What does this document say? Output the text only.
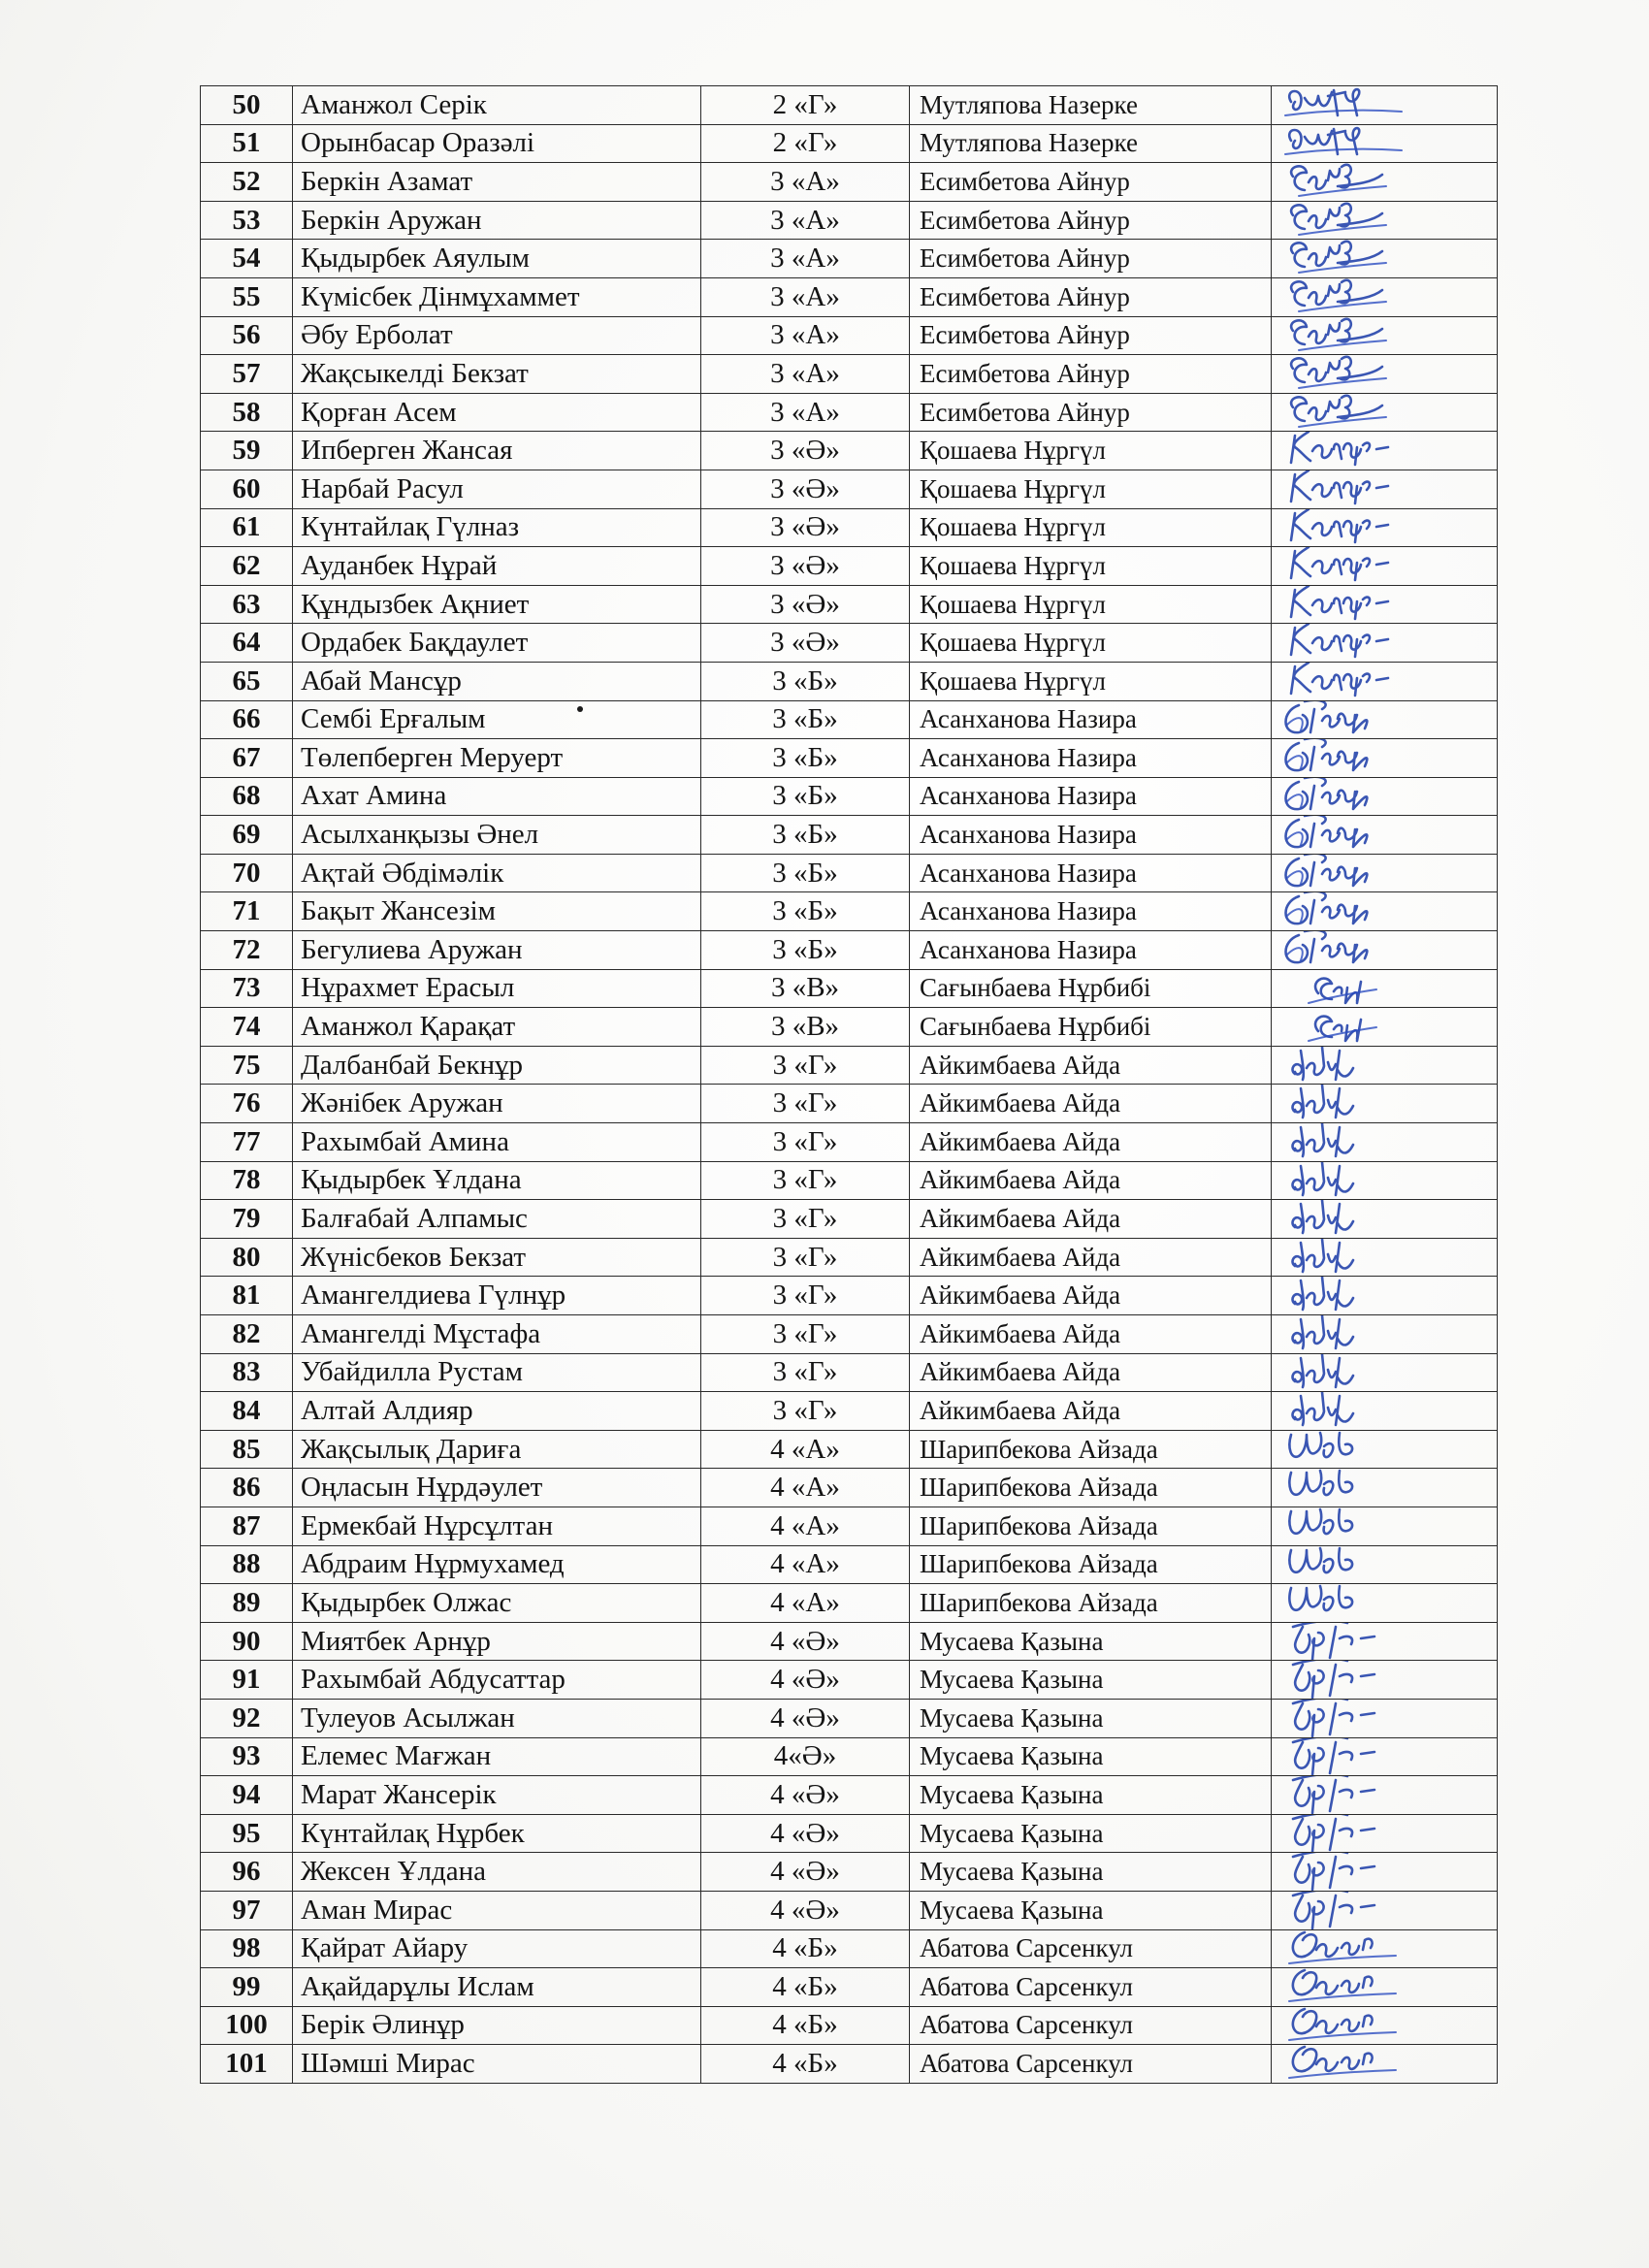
50	Аманжол Серік	2 «Г»	Мутляпова Назерке	

51	Орынбасар Оразәлі	2 «Г»	Мутляпова Назерке	

52	Беркін Азамат	3 «А»	Есимбетова Айнур	

53	Беркін Аружан	3 «А»	Есимбетова Айнур	

54	Қыдырбек Аяулым	3 «А»	Есимбетова Айнур	

55	Күмісбек Дінмұхаммет	3 «А»	Есимбетова Айнур	

56	Әбу Ерболат	3 «А»	Есимбетова Айнур	

57	Жақсыкелді Бекзат	3 «А»	Есимбетова Айнур	

58	Қорған Асем	3 «А»	Есимбетова Айнур	

59	Ипберген Жансая	3 «Ә»	Қошаева Нұргүл	

60	Нарбай Расул	3 «Ә»	Қошаева Нұргүл	

61	Күнтайлақ Гүлназ	3 «Ә»	Қошаева Нұргүл	

62	Ауданбек Нұрай	3 «Ә»	Қошаева Нұргүл	

63	Құндызбек Ақниет	3 «Ә»	Қошаева Нұргүл	

64	Ордабек Бақдаулет	3 «Ә»	Қошаева Нұргүл	

65	Абай Мансұр	3 «Б»	Қошаева Нұргүл	

66	Сембі Ерғалым	3 «Б»	Асанханова Назира	

67	Төлепберген Меруерт	3 «Б»	Асанханова Назира	

68	Ахат Амина	3 «Б»	Асанханова Назира	

69	Асылханқызы Әнел	3 «Б»	Асанханова Назира	

70	Ақтай Әбдімәлік	3 «Б»	Асанханова Назира	

71	Бақыт Жансезім	3 «Б»	Асанханова Назира	

72	Бегулиева Аружан	3 «Б»	Асанханова Назира	

73	Нұрахмет Ерасыл	3 «В»	Сағынбаева Нұрбибі	

74	Аманжол Қарақат	3 «В»	Сағынбаева Нұрбибі	

75	Далбанбай Бекнұр	3 «Г»	Айкимбаева Айда	

76	Жәнібек Аружан	3 «Г»	Айкимбаева Айда	

77	Рахымбай Амина	3 «Г»	Айкимбаева Айда	

78	Қыдырбек Ұлдана	3 «Г»	Айкимбаева Айда	

79	Балғабай Алпамыс	3 «Г»	Айкимбаева Айда	

80	Жүнісбеков Бекзат	3 «Г»	Айкимбаева Айда	

81	Амангелдиева Гүлнұр	3 «Г»	Айкимбаева Айда	

82	Амангелді Мұстафа	3 «Г»	Айкимбаева Айда	

83	Убайдилла Рустам	3 «Г»	Айкимбаева Айда	

84	Алтай Алдияр	3 «Г»	Айкимбаева Айда	

85	Жақсылық Дариға	4 «А»	Шарипбекова Айзада	

86	Оңласын Нұрдәулет	4 «А»	Шарипбекова Айзада	

87	Ермекбай Нұрсұлтан	4 «А»	Шарипбекова Айзада	

88	Абдраим Нұрмухамед	4 «А»	Шарипбекова Айзада	

89	Қыдырбек Олжас	4 «А»	Шарипбекова Айзада	

90	Миятбек Арнұр	4 «Ә»	Мусаева Қазына	

91	Рахымбай Абдусаттар	4 «Ә»	Мусаева Қазына	

92	Тулеуов Асылжан	4 «Ә»	Мусаева Қазына	

93	Елемес Мағжан	4«Ә»	Мусаева Қазына	

94	Марат Жансерік	4 «Ә»	Мусаева Қазына	

95	Күнтайлақ Нұрбек	4 «Ә»	Мусаева Қазына	

96	Жексен Ұлдана	4 «Ә»	Мусаева Қазына	

97	Аман Мирас	4 «Ә»	Мусаева Қазына	

98	Қайрат Айару	4 «Б»	Абатова Сарсенкул	

99	Ақайдарұлы Ислам	4 «Б»	Абатова Сарсенкул	

100	Берік Әлинұр	4 «Б»	Абатова Сарсенкул	

101	Шәмші Мирас	4 «Б»	Абатова Сарсенкул	
